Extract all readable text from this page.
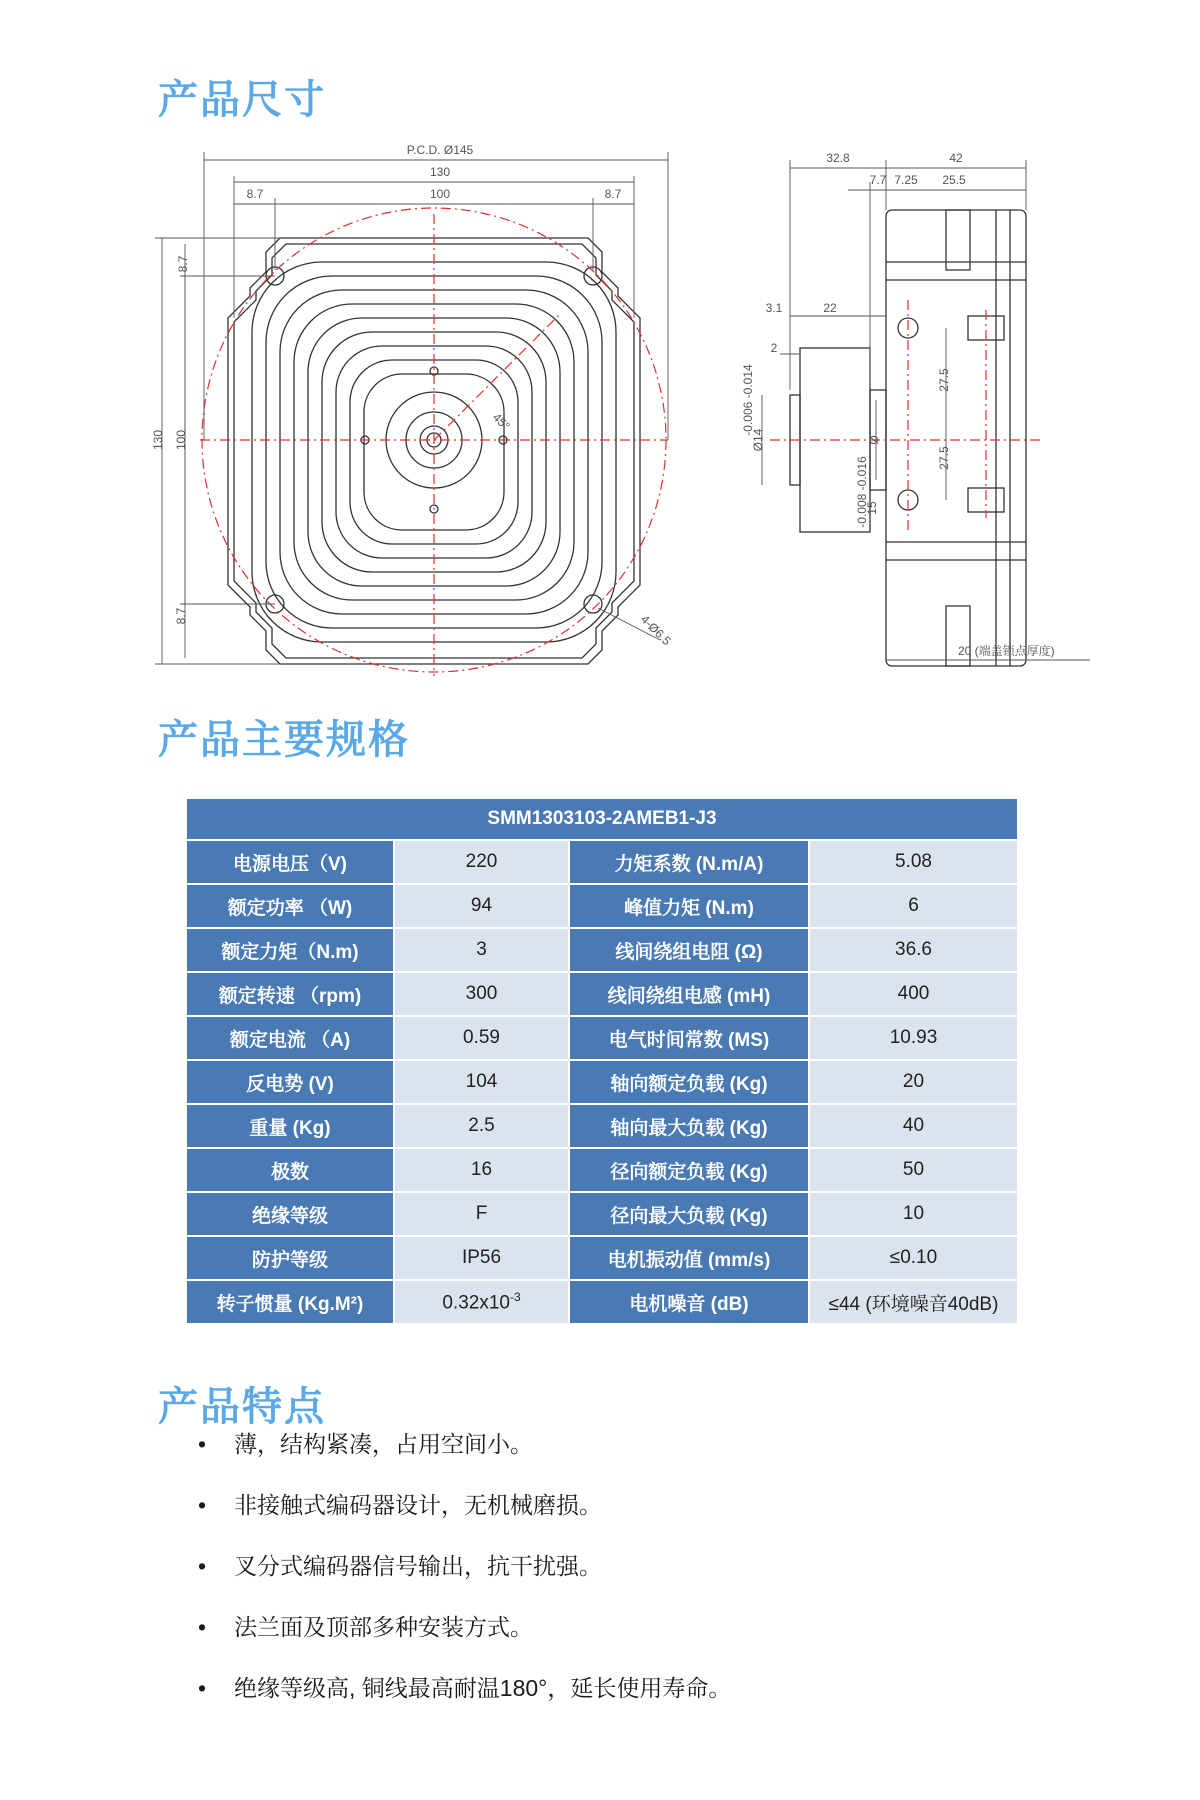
产品尺寸
P.C.D. Ø145
130
100
8.7	8.7
8.7
100
130
8.7
45°
4-Ø6.5
32.8	42
7.7 7.25 25.5
3.1	22
2
27.5
27.5
Ø14
-0.006 -0.014
Ø
15
-0.008 -0.016
20 (端盖锁点厚度)
产品主要规格
SMM1303103-2AMEB1-J3			
电源电压（V)	220	力矩系数 (N.m/A)	5.08
额定功率 （W)	94	峰值力矩 (N.m)	6
额定力矩（N.m)	3	线间绕组电阻 (Ω)	36.6
额定转速 （rpm)	300	线间绕组电感 (mH)	400
额定电流 （A)	0.59	电气时间常数 (MS)	10.93
反电势 (V)	104	轴向额定负载 (Kg)	20
重量 (Kg)	2.5	轴向最大负载 (Kg)	40
极数	16	径向额定负载 (Kg)	50
绝缘等级	F	径向最大负载 (Kg)	10
防护等级	IP56	电机振动值 (mm/s)	≤0.10
转子惯量 (Kg.M²)	$0.32x10^{-3}$	电机噪音 (dB)	≤44 (环境噪音40dB)
产品特点
• 薄，结构紧凑，占用空间小。
• 非接触式编码器设计，无机械磨损。
• 叉分式编码器信号输出，抗干扰强。
• 法兰面及顶部多种安装方式。
• 绝缘等级高, 铜线最高耐温180°，延长使用寿命。
